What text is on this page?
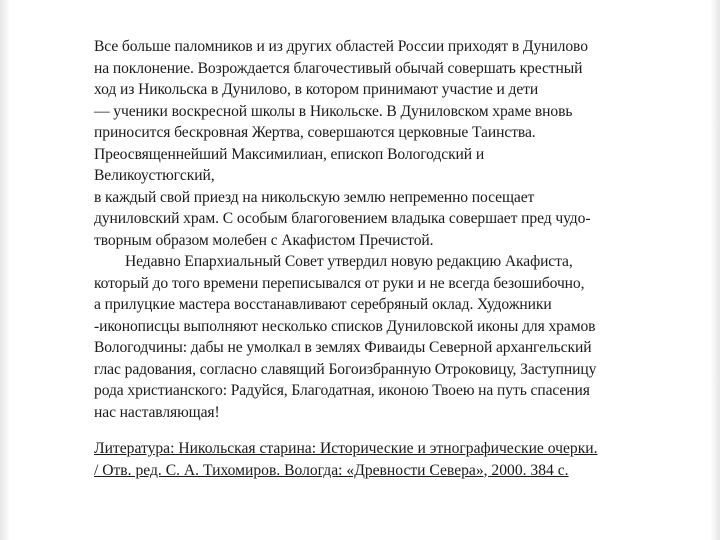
Все больше паломников и из других областей России приходят в Дунилово
на поклонение. Возрождается благочестивый обычай совершать крестный
ход из Никольска в Дунилово, в котором принимают участие и дети
— ученики воскресной школы в Никольске. В Дуниловском храме вновь
приносится бескровная Жертва, совершаются церковные Таинства.
Преосвященнейший Максимилиан, епископ Вологодский и
Великоустюгский,
в каждый свой приезд на никольскую землю непременно посещает
дуниловский храм. С особым благоговением владыка совершает пред чудо-
творным образом молебен с Акафистом Пречистой.
Недавно Епархиальный Совет утвердил новую редакцию Акафиста,
который до того времени переписывался от руки и не всегда безошибочно,
а прилуцкие мастера восстанавливают серебряный оклад. Художники
-иконописцы выполняют несколько списков Дуниловской иконы для храмов
Вологодчины: дабы не умолкал в землях Фиваиды Северной архангельский
глас радования, согласно славящий Богоизбранную Отроковицу, Заступницу
рода христианского: Радуйся, Благодатная, иконою Твоею на путь спасения
нас наставляющая!
Литература: Никольская старина: Исторические и этнографические очерки.
/ Отв. ред. С. А. Тихомиров. Вологда: «Древности Севера», 2000. 384 с.
